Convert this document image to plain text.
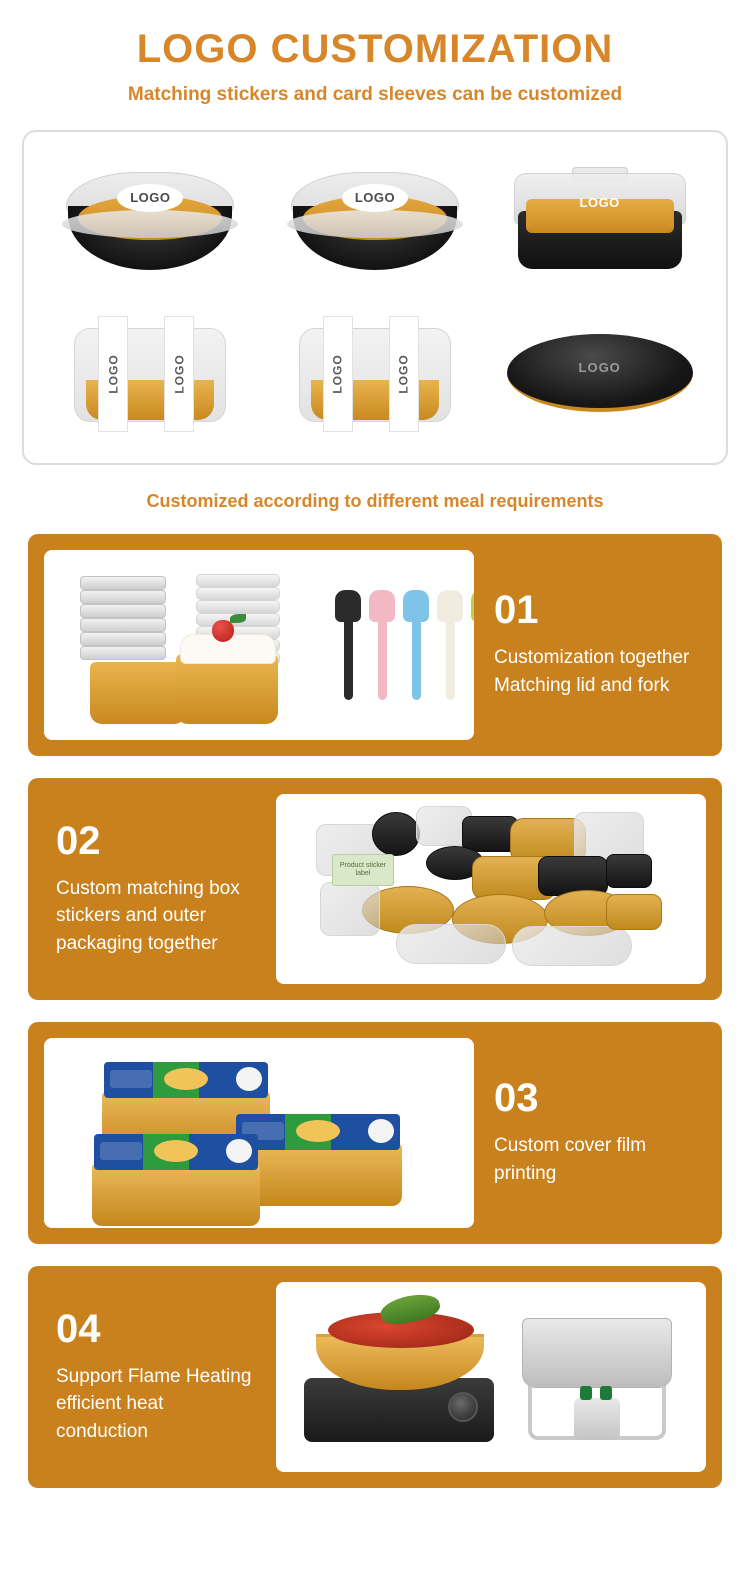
LOGO CUSTOMIZATION
Matching stickers and card sleeves can be customized
LOGO	LOGO	LOGO
LOGO	LOGO	LOGO	LOGO	LOGO
Customized according to different meal requirements
01
Customization together Matching lid and fork
Product sticker label
02
Custom matching box stickers and outer packaging together
03
Custom cover film printing
04
Support Flame Heating efficient heat conduction
